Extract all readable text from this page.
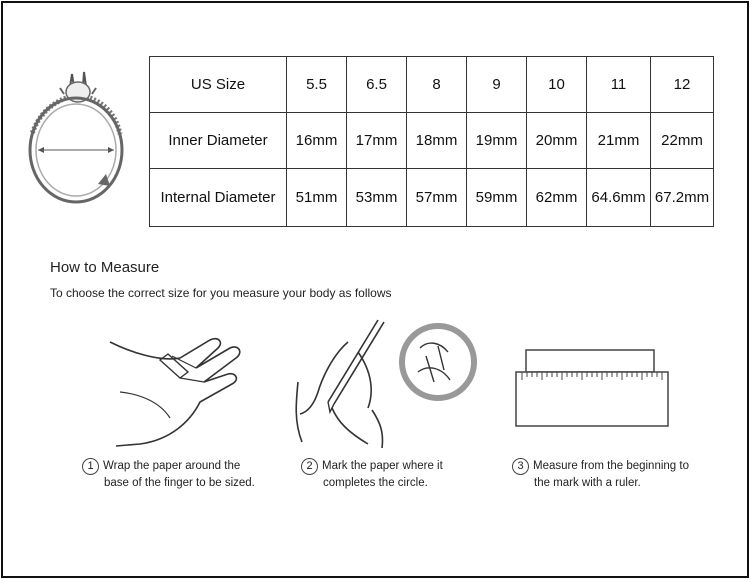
US Size	5.5	6.5	8	9	10	11	12
Inner Diameter	16mm	17mm	18mm	19mm	20mm	21mm	22mm
Internal Diameter	51mm	53mm	57mm	59mm	62mm	64.6mm	67.2mm
How to Measure
To choose the correct size for you measure your body as follows
1 Wrap the paper around the
base of the finger to be sized.
2 Mark the paper where it
completes the circle.
3 Measure from the beginning to
the mark with a ruler.
